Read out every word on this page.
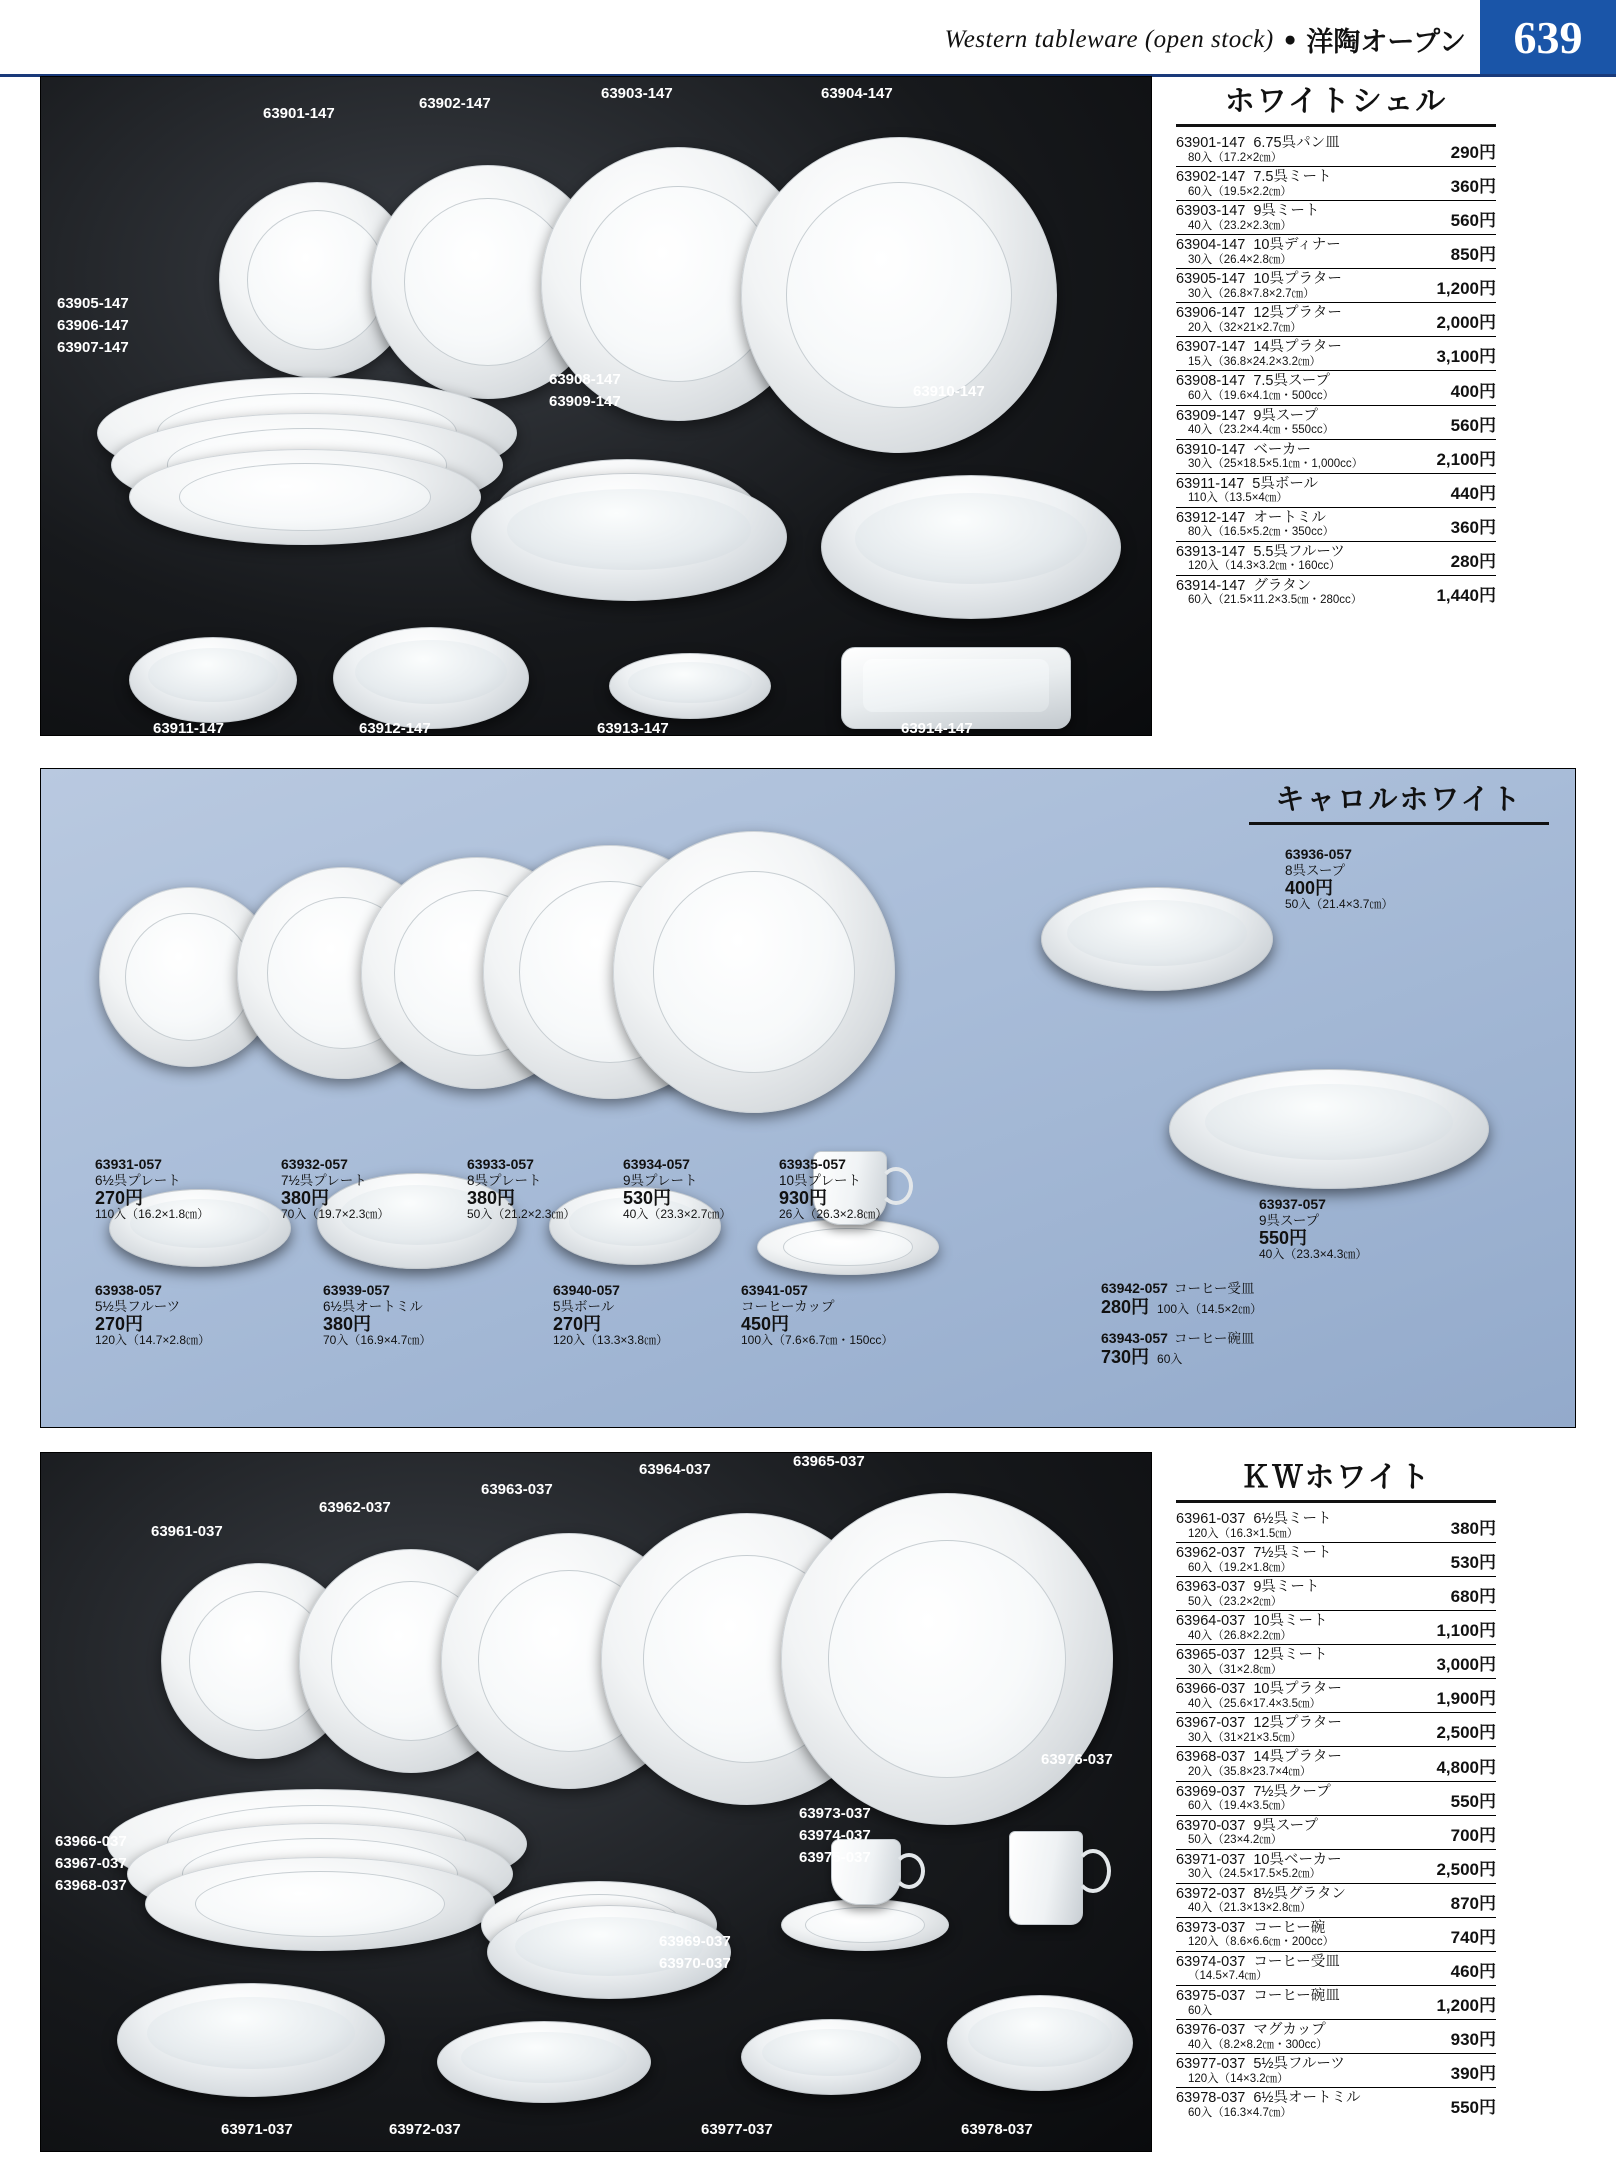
Western tableware (open stock) ● 洋陶オープン	639
63901-147
63902-147
63903-147	63904-147
63905-147
63906-147
63907-147
63908-147
63909-147
63910-147
63911-147	63912-147	63913-147	63914-147
ホワイトシェル
63901-147 6.75呉パン皿
80入（17.2×2㎝）	290円
63902-147 7.5呉ミート
60入（19.5×2.2㎝）	360円
63903-147 9呉ミート
40入（23.2×2.3㎝）	560円
63904-147 10呉ディナー
30入（26.4×2.8㎝）	850円
63905-147 10呉プラター
30入（26.8×7.8×2.7㎝）	1,200円
63906-147 12呉プラター
20入（32×21×2.7㎝）	2,000円
63907-147 14呉プラター
15入（36.8×24.2×3.2㎝）	3,100円
63908-147 7.5呉スープ
60入（19.6×4.1㎝・500cc）	400円
63909-147 9呉スープ
40入（23.2×4.4㎝・550cc）	560円
63910-147 ベーカー
30入（25×18.5×5.1㎝・1,000cc）	2,100円
63911-147 5呉ボール
110入（13.5×4㎝）	440円
63912-147 オートミル
80入（16.5×5.2㎝・350cc）	360円
63913-147 5.5呉フルーツ
120入（14.3×3.2㎝・160cc）	280円
63914-147 グラタン
60入（21.5×11.2×3.5㎝・280cc）	1,440円
キャロルホワイト
63931-057
6½呉プレート
270円
110入（16.2×1.8㎝）
63932-057
7½呉プレート
380円
70入（19.7×2.3㎝）
63933-057
8呉プレート
380円
50入（21.2×2.3㎝）
63934-057
9呉プレート
530円
40入（23.3×2.7㎝）
63935-057
10呉プレート
930円
26入（26.3×2.8㎝）
63938-057
5½呉フルーツ
270円
120入（14.7×2.8㎝）
63939-057
6½呉オートミル
380円
70入（16.9×4.7㎝）
63940-057
5呉ボール
270円
120入（13.3×3.8㎝）
63941-057
コーヒーカップ
450円
100入（7.6×6.7㎝・150cc）
63936-057
8呉スープ
400円
50入（21.4×3.7㎝）
63937-057
9呉スープ
550円
40入（23.3×4.3㎝）
63942-057 コーヒー受皿
280円 100入（14.5×2㎝）
63943-057 コーヒー碗皿
730円 60入
63961-037
63962-037
63963-037
63964-037	63965-037
63966-037
63967-037
63968-037
63969-037
63970-037
63973-037
63974-037
63975-037
63976-037
63971-037	63972-037	63977-037	63978-037
ＫＷホワイト
63961-037 6½呉ミート
120入（16.3×1.5㎝）	380円
63962-037 7½呉ミート
60入（19.2×1.8㎝）	530円
63963-037 9呉ミート
50入（23.2×2㎝）	680円
63964-037 10呉ミート
40入（26.8×2.2㎝）	1,100円
63965-037 12呉ミート
30入（31×2.8㎝）	3,000円
63966-037 10呉プラター
40入（25.6×17.4×3.5㎝）	1,900円
63967-037 12呉プラター
30入（31×21×3.5㎝）	2,500円
63968-037 14呉プラター
20入（35.8×23.7×4㎝）	4,800円
63969-037 7½呉クープ
60入（19.4×3.5㎝）	550円
63970-037 9呉スープ
50入（23×4.2㎝）	700円
63971-037 10呉ベーカー
30入（24.5×17.5×5.2㎝）	2,500円
63972-037 8½呉グラタン
40入（21.3×13×2.8㎝）	870円
63973-037 コーヒー碗
120入（8.6×6.6㎝・200cc）	740円
63974-037 コーヒー受皿
（14.5×7.4㎝）	460円
63975-037 コーヒー碗皿
60入	1,200円
63976-037 マグカップ
40入（8.2×8.2㎝・300cc）	930円
63977-037 5½呉フルーツ
120入（14×3.2㎝）	390円
63978-037 6½呉オートミル
60入（16.3×4.7㎝）	550円
